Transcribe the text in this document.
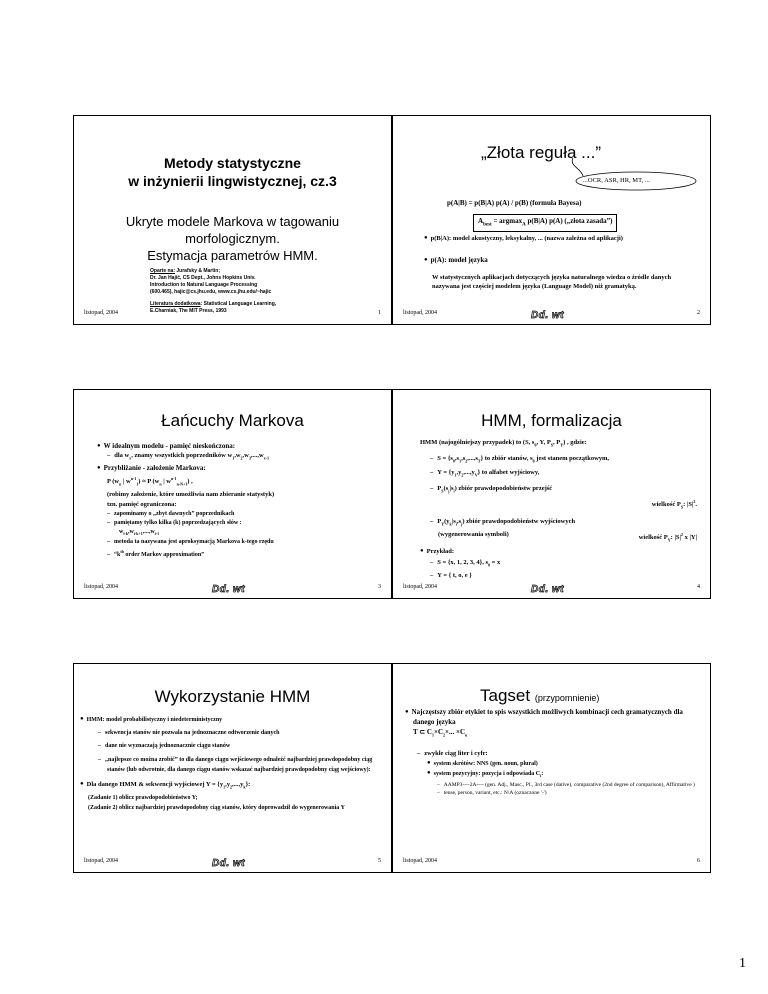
Metody statystyczne
w inżynierii lingwistycznej, cz.3
Ukryte modele Markova w tagowaniu
morfologicznym.
Estymacja parametrów HMM.
Oparte na: Jurafsky & Martin;
Dr. Jan Hajič, CS Dept., Johns Hopkins Univ.
Introduction to Natural Language Processing
(600.465), hajic@cs.jhu.edu, www.cs.jhu.edu/~hajic
Literatura dodatkowa: Statistical Language Learning,
E.Charniak, The MIT Press, 1993
listopad, 2004	1
„Złota reguła ...”
...OCR, ASR, HR, MT, ...
p(A|B) = p(B|A) p(A) / p(B) (formuła Bayesa)
$A_{best} = argmax_A$ p(B|A) p(A) („złota zasada”)
● p(B|A): model akustyczny, leksykalny, ... (nazwa zależna od aplikacji)
● p(A): model języka
W statystycznych aplikacjach dotyczących języka naturalnego wiedza o źródle danych nazywana jest częściej modelem języka (Language Model) niż gramatyką.
listopad, 2004	Dd. wt	2
Łańcuchy Markova
● W idealnym modelu - pamięć nieskończona:
– dla $w_x$, znamy wszystkich poprzedników $w_1,w_2,w_3,...,w_{x-1}$
● Przybliżanie - założenie Markova:
P ($w_n$ | $w^{n-1}_1) \approx P$ ($w_n$ | $w^{n-1}_{n-N+1}$) ,
(robimy założenie, które umożliwia nam zbieranie statystyk)
tzn. pamięć ograniczona:
– zapominamy o „zbyt dawnych” poprzednikach
– pamiętamy tylko kilka (k) poprzedzających słów :
$w_{i-k},w_{i-k+1},...,w_{i-1}$
– metoda ta nazywana jest aproksymacją Markova k-tego rzędu
– “$k^{th}$ order Markov approximation”
listopad, 2004	Dd. wt	3
HMM, formalizacja
HMM (najogólniejszy przypadek) to (S, $s_0$, Y, $P_S$, $P_Y$) , gdzie:
– $S = \{s_0,s_1,s_2,...,s_T\}$ to zbiór stanów, $s_0$ jest stanem początkowym,
– $Y = \{y_1,y_2,...,y_V\}$ to alfabet wyjściowy,
– $P_S(s_j|s_i)$ zbiór prawdopodobieństw przejść
wielkość $P_S$: $|S|^2$.
– $P_Y(y_k|s_i,s_j)$ zbiór prawdopodobieństw wyjściowych
(wygenerowania symboli)	wielkość $P_Y$: $|S|^2$ x |Y|
● Przykład:
– S = {x, 1, 2, 3, 4}, $s_0 = x$
– Y = { t, o, e }
listopad, 2004	Dd. wt	4
Wykorzystanie HMM
● HMM: model probabilistyczny i niedeterministyczny
– sekwencja stanów nie pozwala na jednoznaczne odtworzenie danych
– dane nie wyznaczają jednoznacznie ciągu stanów
– „najlepsze co można zrobić” to dla danego ciągu wejściowego odnaleźć najbardziej prawdopodobny ciąg stanów (lub odwrotnie, dla danego ciągu stanów wskazać najbardziej prawdopodobny ciąg wejściowy):
● Dla danego HMM & sekwencji wyjściowej $Y = \{y_1,y_2,...,y_k\}$:
(Zadanie 1) oblicz prawdopodobieństwo Y;
(Zadanie 2) oblicz najbardziej prawdopodobny ciąg stanów, który doprowadził do wygenerowania Y
listopad, 2004	Dd. wt	5
Tagset (przypomnienie)
● Najczęstszy zbiór etykiet to spis wszystkich możliwych kombinacji cech gramatycznych dla danego języka
T ⊂ $C_1\times C_2\times$... $\times C_n$
– zwykle ciąg liter i cyfr:
● system skrótów: NNS (gen. noun, plural)
● system pozycyjny: pozycja i odpowiada $C_i$:
– AAMP3----2A---- (gen. Adj., Masc., Pl., 3rd case (dative), comparative (2nd degree of comparison), Affirmative )
– tense, person, variant, etc.: N\A (oznaczone '-')
listopad, 2004	6
1
